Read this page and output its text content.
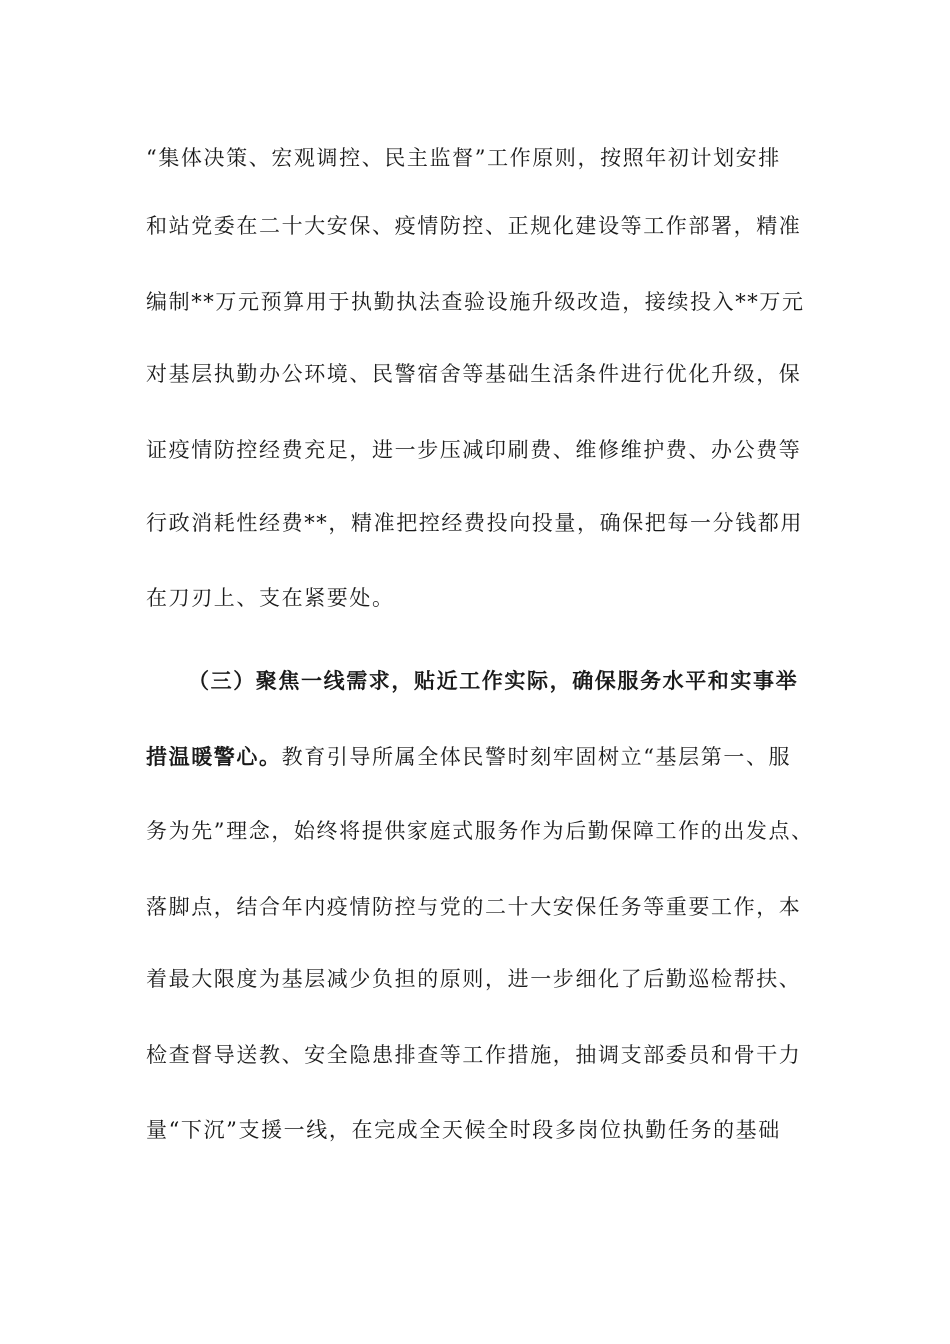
“集体决策、宏观调控、民主监督”工作原则，按照年初计划安排
和站党委在二十大安保、疫情防控、正规化建设等工作部署，精准
编制**万元预算用于执勤执法查验设施升级改造，接续投入**万元
对基层执勤办公环境、民警宿舍等基础生活条件进行优化升级，保
证疫情防控经费充足，进一步压减印刷费、维修维护费、办公费等
行政消耗性经费**，精准把控经费投向投量，确保把每一分钱都用
在刀刃上、支在紧要处。
（三）聚焦一线需求，贴近工作实际，确保服务水平和实事举
措温暖警心。教育引导所属全体民警时刻牢固树立“基层第一、服
务为先”理念，始终将提供家庭式服务作为后勤保障工作的出发点、
落脚点，结合年内疫情防控与党的二十大安保任务等重要工作，本
着最大限度为基层减少负担的原则，进一步细化了后勤巡检帮扶、
检查督导送教、安全隐患排查等工作措施，抽调支部委员和骨干力
量“下沉”支援一线，在完成全天候全时段多岗位执勤任务的基础
